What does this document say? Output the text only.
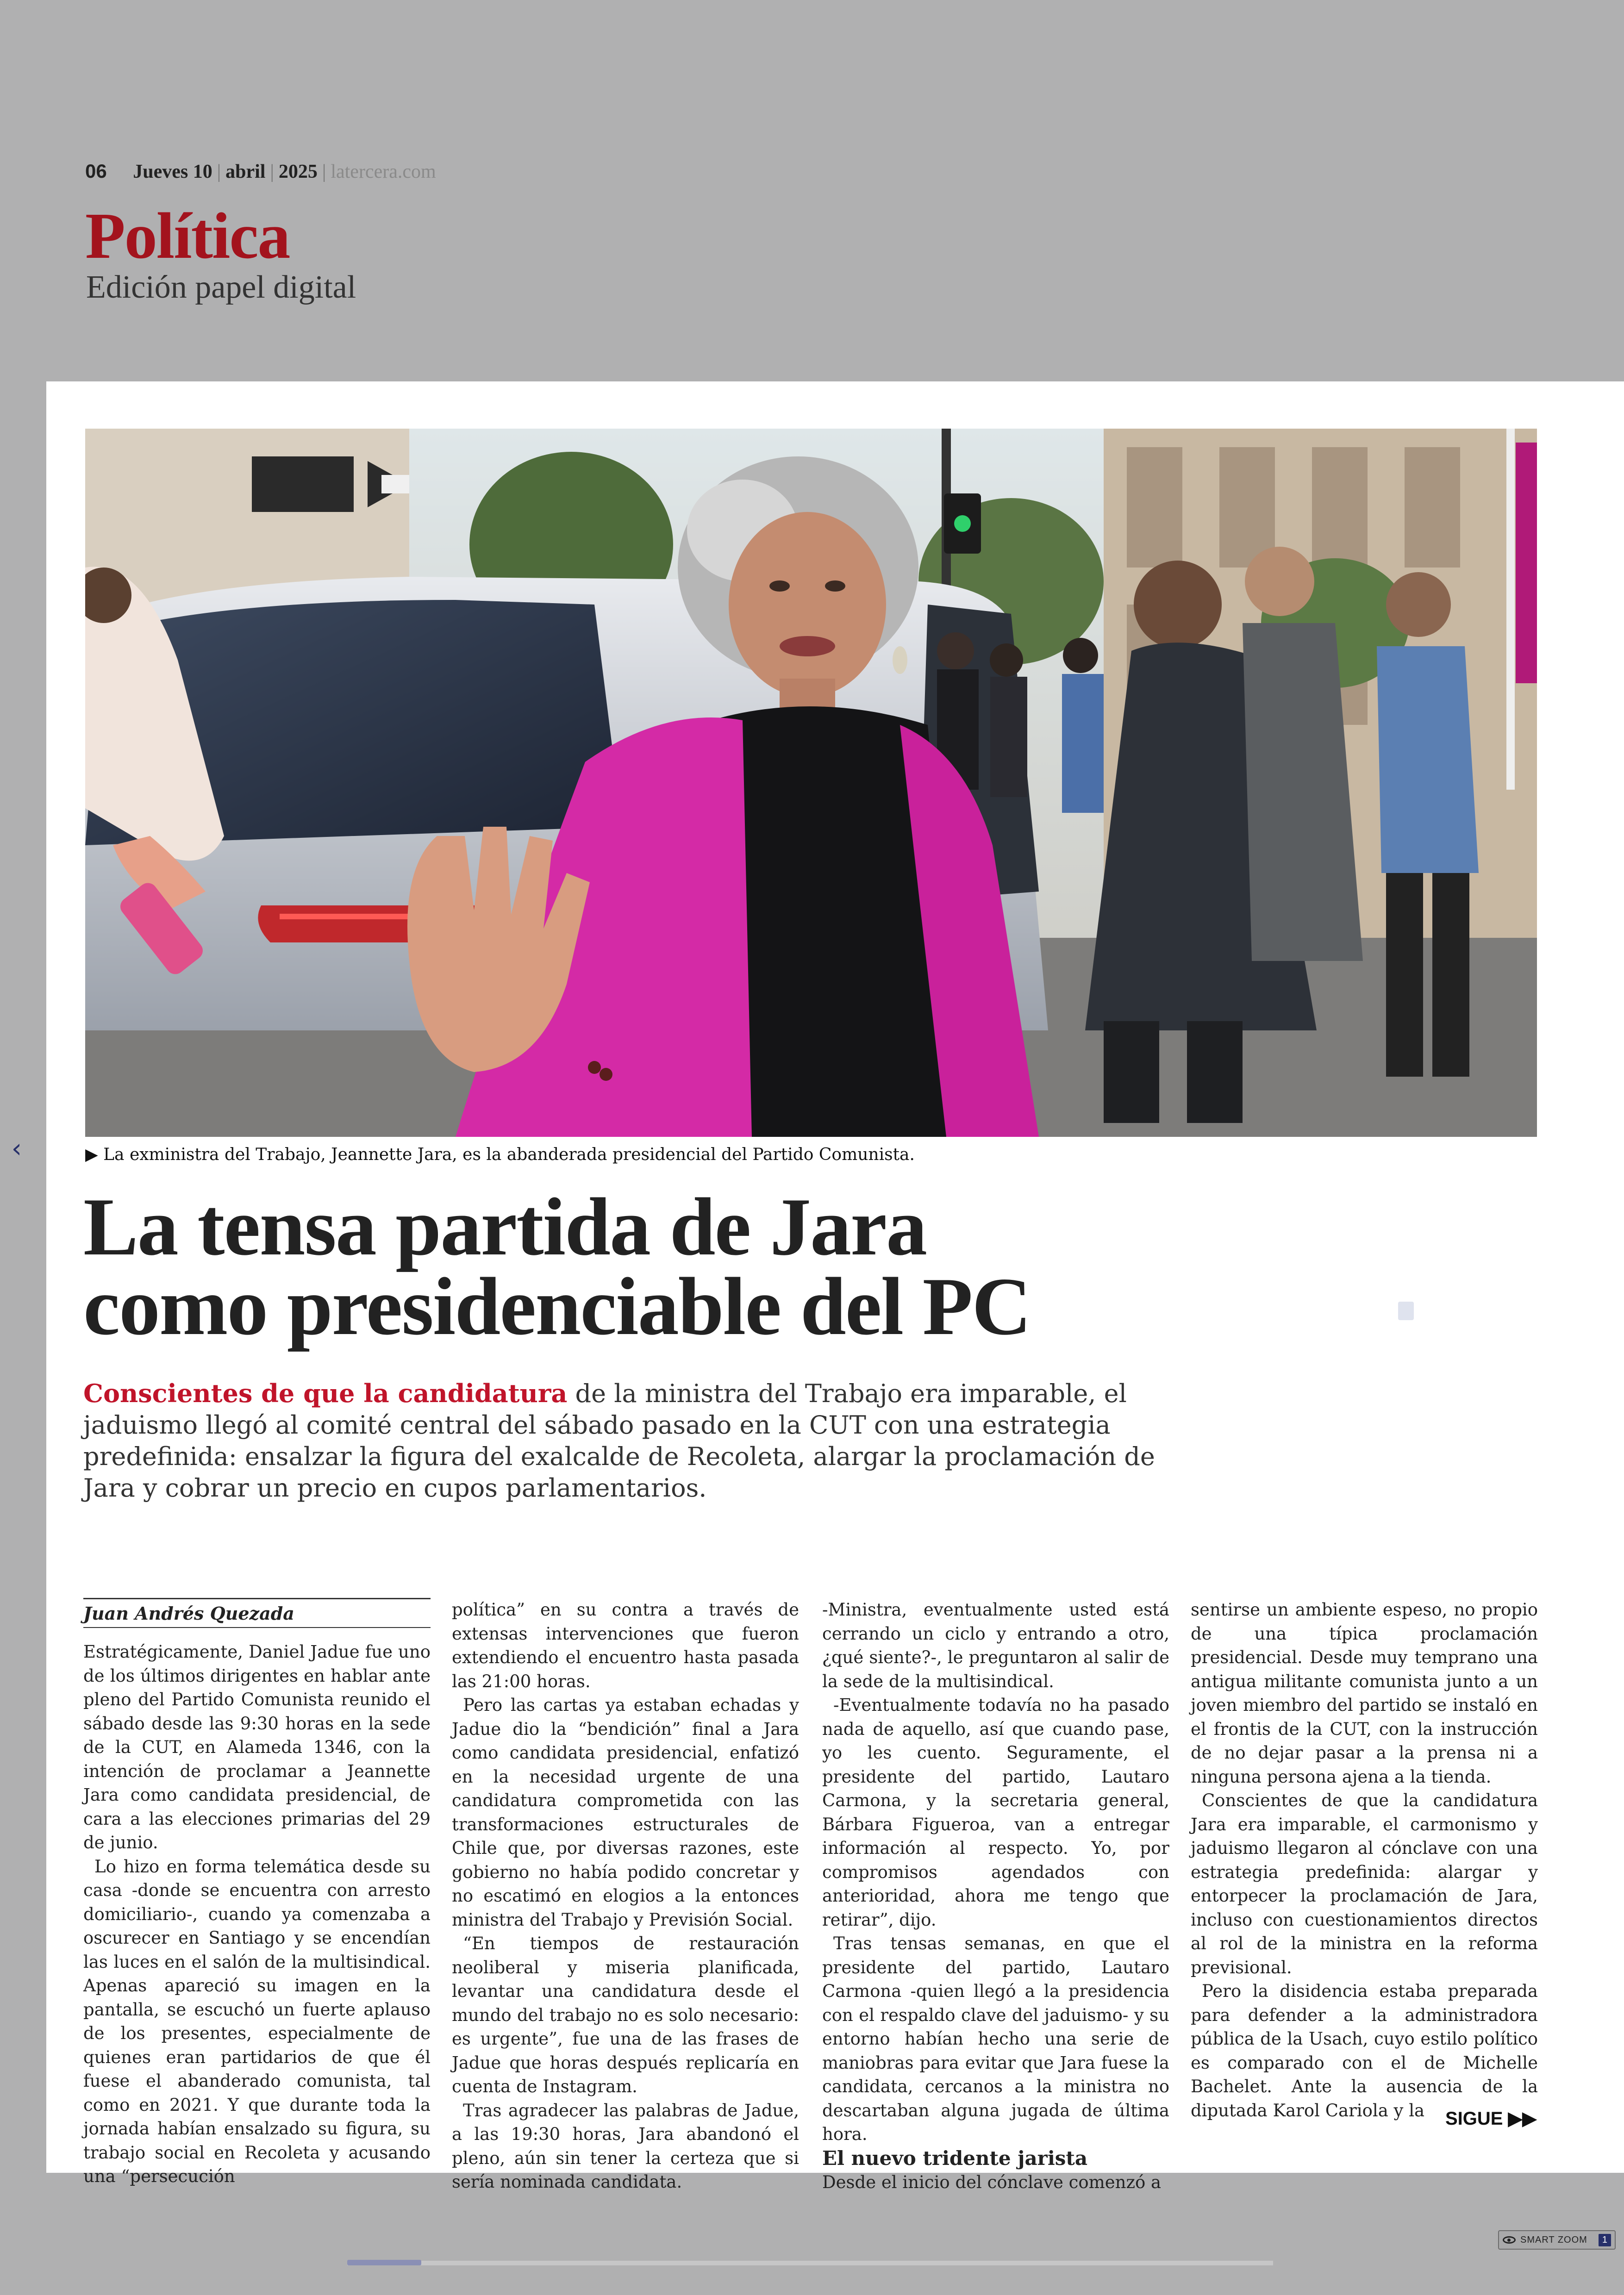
06 Jueves 10 | abril | 2025 | latercera.com
Política
Edición papel digital
‹	▶ La exministra del Trabajo, Jeannette Jara, es la abanderada presidencial del Partido Comunista.
La tensa partida de Jara
como presidenciable del PC
Conscientes de que la candidatura de la ministra del Trabajo era imparable, el jaduismo llegó al comité central del sábado pasado en la CUT con una estrategia predefinida: ensalzar la figura del exalcalde de Recoleta, alargar la proclamación de Jara y cobrar un precio en cupos parlamentarios.
Juan Andrés Quezada

Estratégicamente, Daniel Jadue fue uno de los últimos dirigentes en hablar ante pleno del Partido Comunista reunido el sábado desde las 9:30 horas en la sede de la CUT, en Alameda 1346, con la intención de proclamar a Jeannette Jara como candidata presidencial, de cara a las elecciones primarias del 29 de junio.

Lo hizo en forma telemática desde su casa -donde se encuentra con arresto domiciliario-, cuando ya comenzaba a oscurecer en Santiago y se encendían las luces en el salón de la multisindical. Apenas apareció su imagen en la pantalla, se escuchó un fuerte aplauso de los presentes, especialmente de quienes eran partidarios de que él fuese el abanderado comunista, tal como en 2021. Y que durante toda la jornada habían ensalzado su figura, su trabajo social en Recoleta y acusando una “persecución

política” en su contra a través de extensas intervenciones que fueron extendiendo el encuentro hasta pasada las 21:00 horas.

Pero las cartas ya estaban echadas y Jadue dio la “bendición” final a Jara como candidata presidencial, enfatizó en la necesidad urgente de una candidatura comprometida con las transformaciones estructurales de Chile que, por diversas razones, este gobierno no había podido concretar y no escatimó en elogios a la entonces ministra del Trabajo y Previsión Social.

“En tiempos de restauración neoliberal y miseria planificada, levantar una candidatura desde el mundo del trabajo no es solo necesario: es urgente”, fue una de las frases de Jadue que horas después replicaría en cuenta de Instagram.

Tras agradecer las palabras de Jadue, a las 19:30 horas, Jara abandonó el pleno, aún sin tener la certeza que si sería nominada candidata.

-Ministra, eventualmente usted está cerrando un ciclo y entrando a otro, ¿qué siente?-, le preguntaron al salir de la sede de la multisindical.

-Eventualmente todavía no ha pasado nada de aquello, así que cuando pase, yo les cuento. Seguramente, el presidente del partido, Lautaro Carmona, y la secretaria general, Bárbara Figueroa, van a entregar información al respecto. Yo, por compromisos agendados con anterioridad, ahora me tengo que retirar”, dijo.

Tras tensas semanas, en que el presidente del partido, Lautaro Carmona -quien llegó a la presidencia con el respaldo clave del jaduismo- y su entorno habían hecho una serie de maniobras para evitar que Jara fuese la candidata, cercanos a la ministra no descartaban alguna jugada de última hora.

El nuevo tridente jarista

Desde el inicio del cónclave comenzó a

sentirse un ambiente espeso, no propio de una típica proclamación presidencial. Desde muy temprano una antigua militante comunista junto a un joven miembro del partido se instaló en el frontis de la CUT, con la instrucción de no dejar pasar a la prensa ni a ninguna persona ajena a la tienda.

Conscientes de que la candidatura Jara era imparable, el carmonismo y jaduismo llegaron al cónclave con una estrategia predefinida: alargar y entorpecer la proclamación de Jara, incluso con cuestionamientos directos al rol de la ministra en la reforma previsional.

Pero la disidencia estaba preparada para defender a la administradora pública de la Usach, cuyo estilo político es comparado con el de Michelle Bachelet. Ante la ausencia de la diputada Karol Cariola y la	SIGUE ▶▶
SMART ZOOM	1
